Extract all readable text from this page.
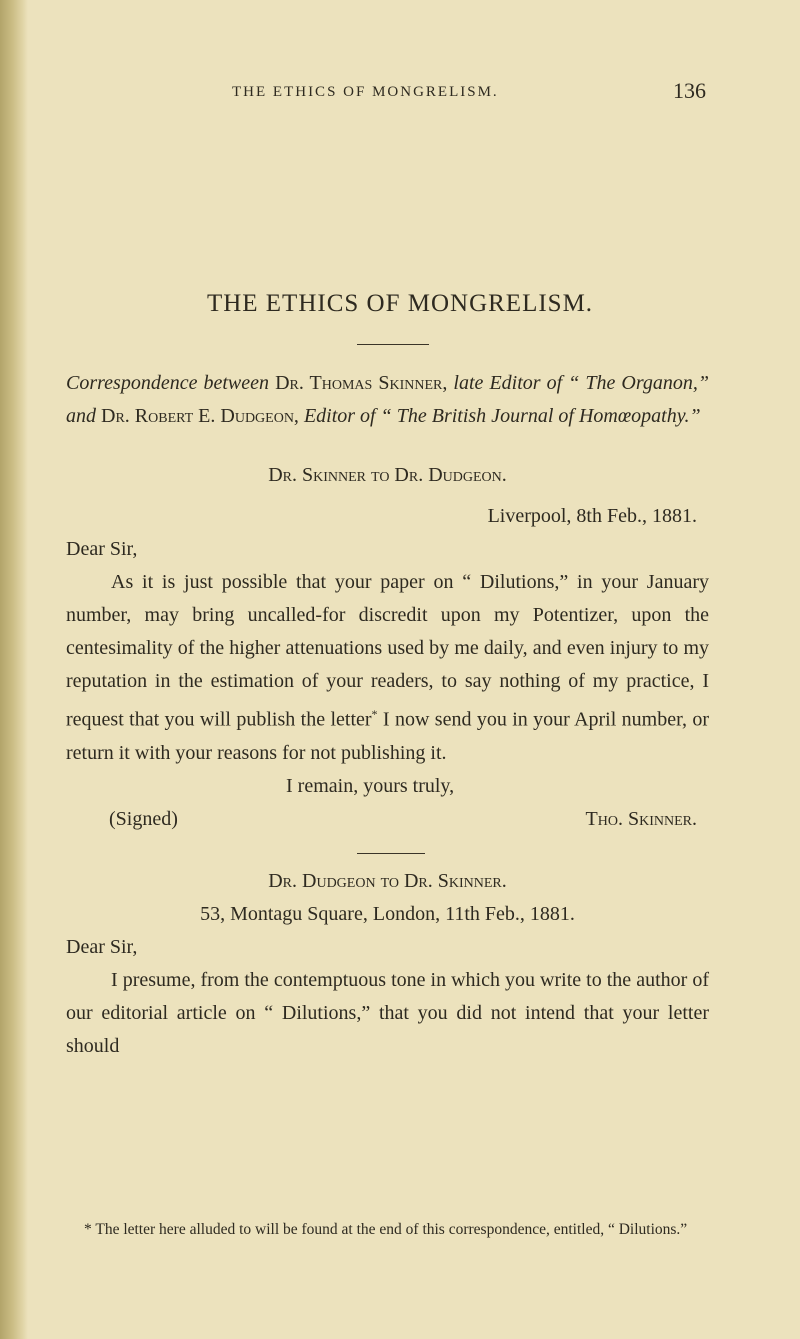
THE ETHICS OF MONGRELISM.	136
THE ETHICS OF MONGRELISM.
Correspondence between Dr. Thomas Skinner, late Editor of “ The Organon,” and Dr. Robert E. Dudgeon, Editor of “ The British Journal of Homœopathy.”

Dr. Skinner to Dr. Dudgeon.

Liverpool, 8th Feb., 1881.

Dear Sir,

As it is just possible that your paper on “ Dilutions,” in your January number, may bring uncalled-for discredit upon my Potentizer, upon the centesimality of the higher attenuations used by me daily, and even injury to my reputation in the estimation of your readers, to say nothing of my practice, I request that you will publish the letter* I now send you in your April number, or return it with your reasons for not publishing it.

I remain, yours truly,

(Signed)	Tho. Skinner.

Dr. Dudgeon to Dr. Skinner.

53, Montagu Square, London, 11th Feb., 1881.

Dear Sir,

I presume, from the contemptuous tone in which you write to the author of our editorial article on “ Dilutions,” that you did not intend that your letter should

* The letter here alluded to will be found at the end of this correspondence, entitled, “ Dilutions.”
